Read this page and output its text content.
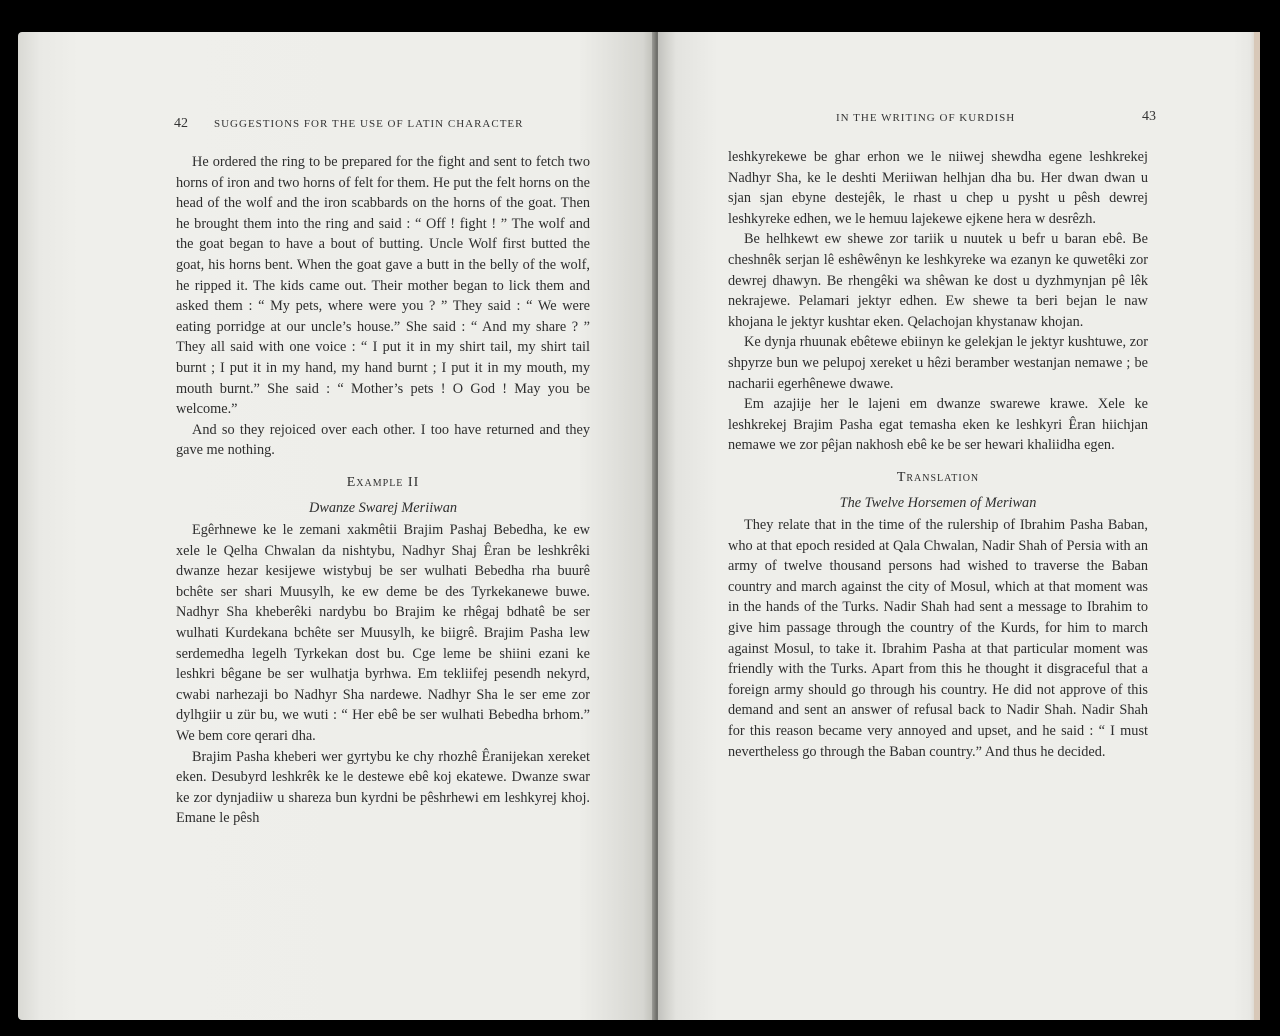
42 SUGGESTIONS FOR THE USE OF LATIN CHARACTER

He ordered the ring to be prepared for the fight and sent to fetch two horns of iron and two horns of felt for them. He put the felt horns on the head of the wolf and the iron scabbards on the horns of the goat. Then he brought them into the ring and said : “ Off ! fight ! ” The wolf and the goat began to have a bout of butting. Uncle Wolf first butted the goat, his horns bent. When the goat gave a butt in the belly of the wolf, he ripped it. The kids came out. Their mother began to lick them and asked them : “ My pets, where were you ? ” They said : “ We were eating porridge at our uncle’s house.” She said : “ And my share ? ” They all said with one voice : “ I put it in my shirt tail, my shirt tail burnt ; I put it in my hand, my hand burnt ; I put it in my mouth, my mouth burnt.” She said : “ Mother’s pets ! O God ! May you be welcome.”

And so they rejoiced over each other. I too have returned and they gave me nothing.

Example II
Dwanze Swarej Meriiwan

Egêrhnewe ke le zemani xakmêtii Brajim Pashaj Bebedha, ke ew xele le Qelha Chwalan da nishtybu, Nadhyr Shaj Êran be leshkrêki dwanze hezar kesijewe wistybuj be ser wulhati Bebedha rha buurê bchête ser shari Muusylh, ke ew deme be des Tyrkekanewe buwe. Nadhyr Sha kheberêki nardybu bo Brajim ke rhêgaj bdhatê be ser wulhati Kurdekana bchête ser Muusylh, ke biigrê. Brajim Pasha lew serdemedha legelh Tyrkekan dost bu. Cge leme be shiini ezani ke leshkri bêgane be ser wulhatja byrhwa. Em tekliifej pesendh nekyrd, cwabi narhezaji bo Nadhyr Sha nardewe. Nadhyr Sha le ser eme zor dylhgiir u zür bu, we wuti : “ Her ebê be ser wulhati Bebedha brhom.” We bem core qerari dha.

Brajim Pasha kheberi wer gyrtybu ke chy rhozhê Êranijekan xereket eken. Desubyrd leshkrêk ke le destewe ebê koj ekatewe. Dwanze swar ke zor dynjadiiw u shareza bun kyrdni be pêshrhewi em leshkyrej khoj. Emane le pêsh

IN THE WRITING OF KURDISH	43

leshkyrekewe be ghar erhon we le niiwej shewdha egene leshkrekej Nadhyr Sha, ke le deshti Meriiwan helhjan dha bu. Her dwan dwan u sjan sjan ebyne destejêk, le rhast u chep u pysht u pêsh dewrej leshkyreke edhen, we le hemuu lajekewe ejkene hera w desrêzh.

Be helhkewt ew shewe zor tariik u nuutek u befr u baran ebê. Be cheshnêk serjan lê eshêwênyn ke leshkyreke wa ezanyn ke quwetêki zor dewrej dhawyn. Be rhengêki wa shêwan ke dost u dyzhmynjan pê lêk nekrajewe. Pelamari jektyr edhen. Ew shewe ta beri bejan le naw khojana le jektyr kushtar eken. Qelachojan khystanaw khojan.

Ke dynja rhuunak ebêtewe ebiinyn ke gelekjan le jektyr kushtuwe, zor shpyrze bun we pelupoj xereket u hêzi beramber westanjan nemawe ; be nacharii egerhênewe dwawe.

Em azajije her le lajeni em dwanze swarewe krawe. Xele ke leshkrekej Brajim Pasha egat temasha eken ke leshkyri Êran hiichjan nemawe we zor pêjan nakhosh ebê ke be ser hewari khaliidha egen.

Translation
The Twelve Horsemen of Meriwan

They relate that in the time of the rulership of Ibrahim Pasha Baban, who at that epoch resided at Qala Chwalan, Nadir Shah of Persia with an army of twelve thousand persons had wished to traverse the Baban country and march against the city of Mosul, which at that moment was in the hands of the Turks. Nadir Shah had sent a message to Ibrahim to give him passage through the country of the Kurds, for him to march against Mosul, to take it. Ibrahim Pasha at that particular moment was friendly with the Turks. Apart from this he thought it disgraceful that a foreign army should go through his country. He did not approve of this demand and sent an answer of refusal back to Nadir Shah. Nadir Shah for this reason became very annoyed and upset, and he said : “ I must nevertheless go through the Baban country.” And thus he decided.
